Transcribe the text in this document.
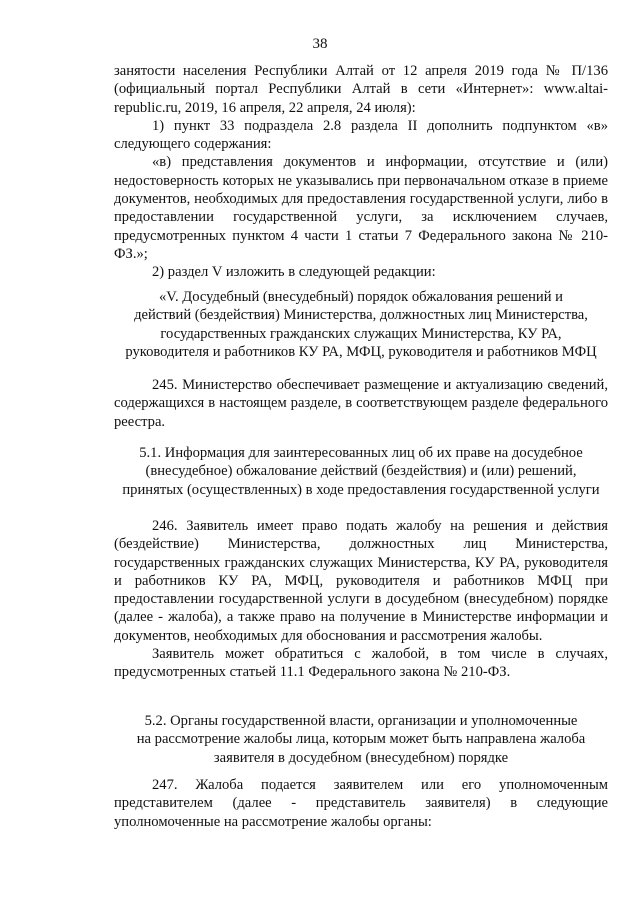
38

занятости населения Республики Алтай от 12 апреля 2019 года № П/136 (официальный портал Республики Алтай в сети «Интернет»: www.altai-republic.ru, 2019, 16 апреля, 22 апреля, 24 июля):

1) пункт 33 подраздела 2.8 раздела II дополнить подпунктом «в» следующего содержания:

«в) представления документов и информации, отсутствие и (или) недостоверность которых не указывались при первоначальном отказе в приеме документов, необходимых для предоставления государственной услуги, либо в предоставлении государственной услуги, за исключением случаев, предусмотренных пунктом 4 части 1 статьи 7 Федерального закона № 210-ФЗ.»;

2) раздел V изложить в следующей редакции:

«V. Досудебный (внесудебный) порядок обжалования решений и

действий (бездействия) Министерства, должностных лиц Министерства,

государственных гражданских служащих Министерства, КУ РА,

руководителя и работников КУ РА, МФЦ, руководителя и работников МФЦ

245. Министерство обеспечивает размещение и актуализацию сведений, содержащихся в настоящем разделе, в соответствующем разделе федерального реестра.

5.1. Информация для заинтересованных лиц об их праве на досудебное

(внесудебное) обжалование действий (бездействия) и (или) решений,

принятых (осуществленных) в ходе предоставления государственной услуги

246. Заявитель имеет право подать жалобу на решения и действия (бездействие) Министерства, должностных лиц Министерства, государственных гражданских служащих Министерства, КУ РА, руководителя и работников КУ РА, МФЦ, руководителя и работников МФЦ при предоставлении государственной услуги в досудебном (внесудебном) порядке (далее - жалоба), а также право на получение в Министерстве информации и документов, необходимых для обоснования и рассмотрения жалобы.

Заявитель может обратиться с жалобой, в том числе в случаях, предусмотренных статьей 11.1 Федерального закона № 210-ФЗ.

5.2. Органы государственной власти, организации и уполномоченные

на рассмотрение жалобы лица, которым может быть направлена жалоба

заявителя в досудебном (внесудебном) порядке

247. Жалоба подается заявителем или его уполномоченным представителем (далее - представитель заявителя) в следующие уполномоченные на рассмотрение жалобы органы:
